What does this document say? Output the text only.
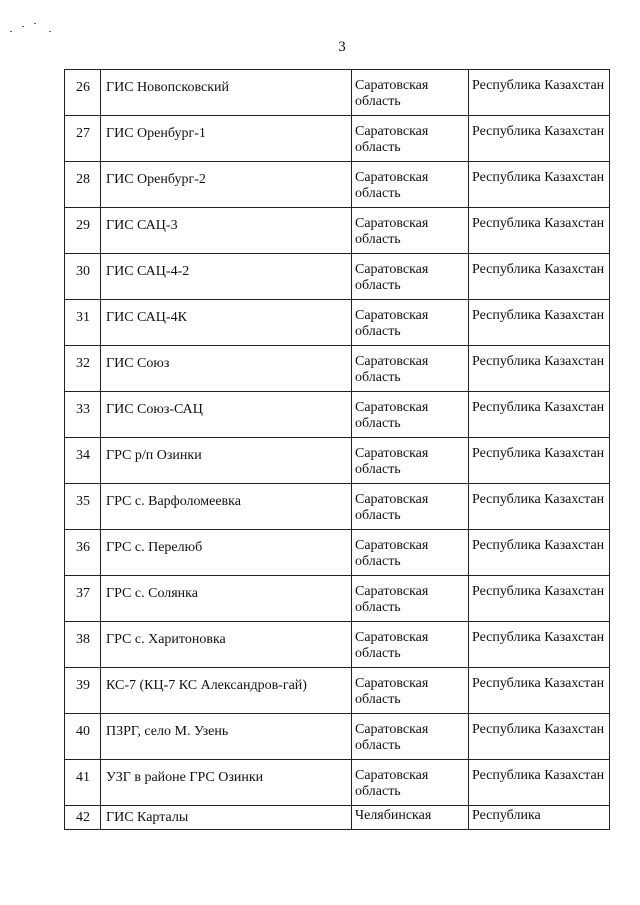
3
26	ГИС Новопсковский	Саратовская область	Республика Казахстан

27	ГИС Оренбург-1	Саратовская область	Республика Казахстан

28	ГИС Оренбург-2	Саратовская область	Республика Казахстан

29	ГИС САЦ-3	Саратовская область	Республика Казахстан

30	ГИС САЦ-4-2	Саратовская область	Республика Казахстан

31	ГИС САЦ-4К	Саратовская область	Республика Казахстан

32	ГИС Союз	Саратовская область	Республика Казахстан

33	ГИС Союз-САЦ	Саратовская область	Республика Казахстан

34	ГРС р/п Озинки	Саратовская область	Республика Казахстан

35	ГРС с. Варфоломеевка	Саратовская область	Республика Казахстан

36	ГРС с. Перелюб	Саратовская область	Республика Казахстан

37	ГРС с. Солянка	Саратовская область	Республика Казахстан

38	ГРС с. Харитоновка	Саратовская область	Республика Казахстан

39	КС-7 (КЦ-7 КС Александров-гай)	Саратовская область	Республика Казахстан

40	ПЗРГ, село М. Узень	Саратовская область	Республика Казахстан

41	УЗГ в районе ГРС Озинки	Саратовская область	Республика Казахстан

42	ГИС Карталы	Челябинская	Республика
